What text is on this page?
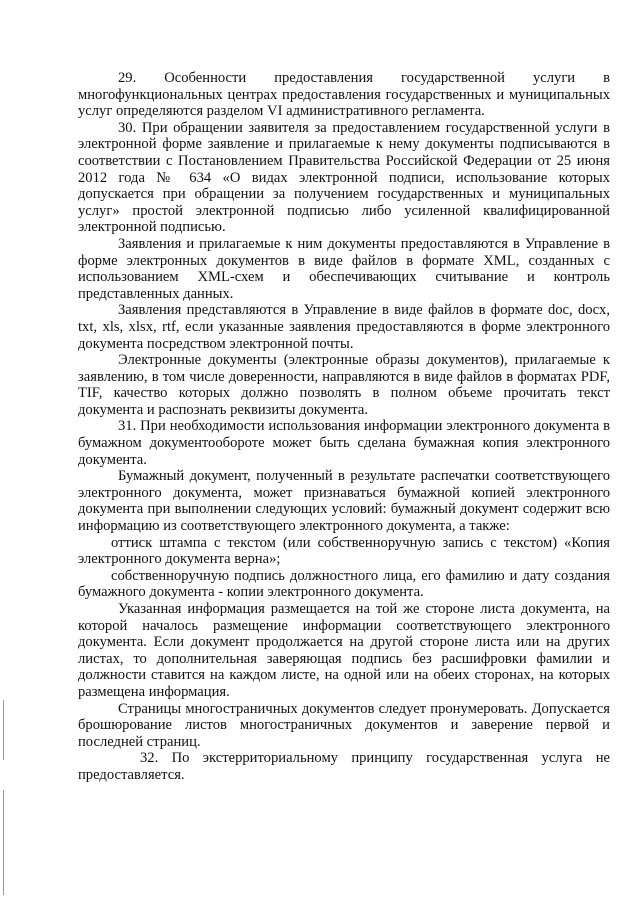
29. Особенности предоставления государственной услуги в многофункциональных центрах предоставления государственных и муниципальных услуг определяются разделом VI административного регламента.

30. При обращении заявителя за предоставлением государственной услуги в электронной форме заявление и прилагаемые к нему документы подписываются в соответствии с Постановлением Правительства Российской Федерации от 25 июня 2012 года № 634 «О видах электронной подписи, использование которых допускается при обращении за получением государственных и муниципальных услуг» простой электронной подписью либо усиленной квалифицированной электронной подписью.

Заявления и прилагаемые к ним документы предоставляются в Управление в форме электронных документов в виде файлов в формате XML, созданных с использованием XML-схем и обеспечивающих считывание и контроль представленных данных.

Заявления представляются в Управление в виде файлов в формате doc, docx, txt, xls, xlsx, rtf, если указанные заявления предоставляются в форме электронного документа посредством электронной почты.

Электронные документы (электронные образы документов), прилагаемые к заявлению, в том числе доверенности, направляются в виде файлов в форматах PDF, TIF, качество которых должно позволять в полном объеме прочитать текст документа и распознать реквизиты документа.

31. При необходимости использования информации электронного документа в бумажном документообороте может быть сделана бумажная копия электронного документа.

Бумажный документ, полученный в результате распечатки соответствующего электронного документа, может признаваться бумажной копией электронного документа при выполнении следующих условий: бумажный документ содержит всю информацию из соответствующего электронного документа, а также:

оттиск штампа с текстом (или собственноручную запись с текстом) «Копия электронного документа верна»;

собственноручную подпись должностного лица, его фамилию и дату создания бумажного документа - копии электронного документа.

Указанная информация размещается на той же стороне листа документа, на которой началось размещение информации соответствующего электронного документа. Если документ продолжается на другой стороне листа или на других листах, то дополнительная заверяющая подпись без расшифровки фамилии и должности ставится на каждом листе, на одной или на обеих сторонах, на которых размещена информация.

Страницы многостраничных документов следует пронумеровать. Допускается брошюрование листов многостраничных документов и заверение первой и последней страниц.

32. По экстерриториальному принципу государственная услуга не предоставляется.
